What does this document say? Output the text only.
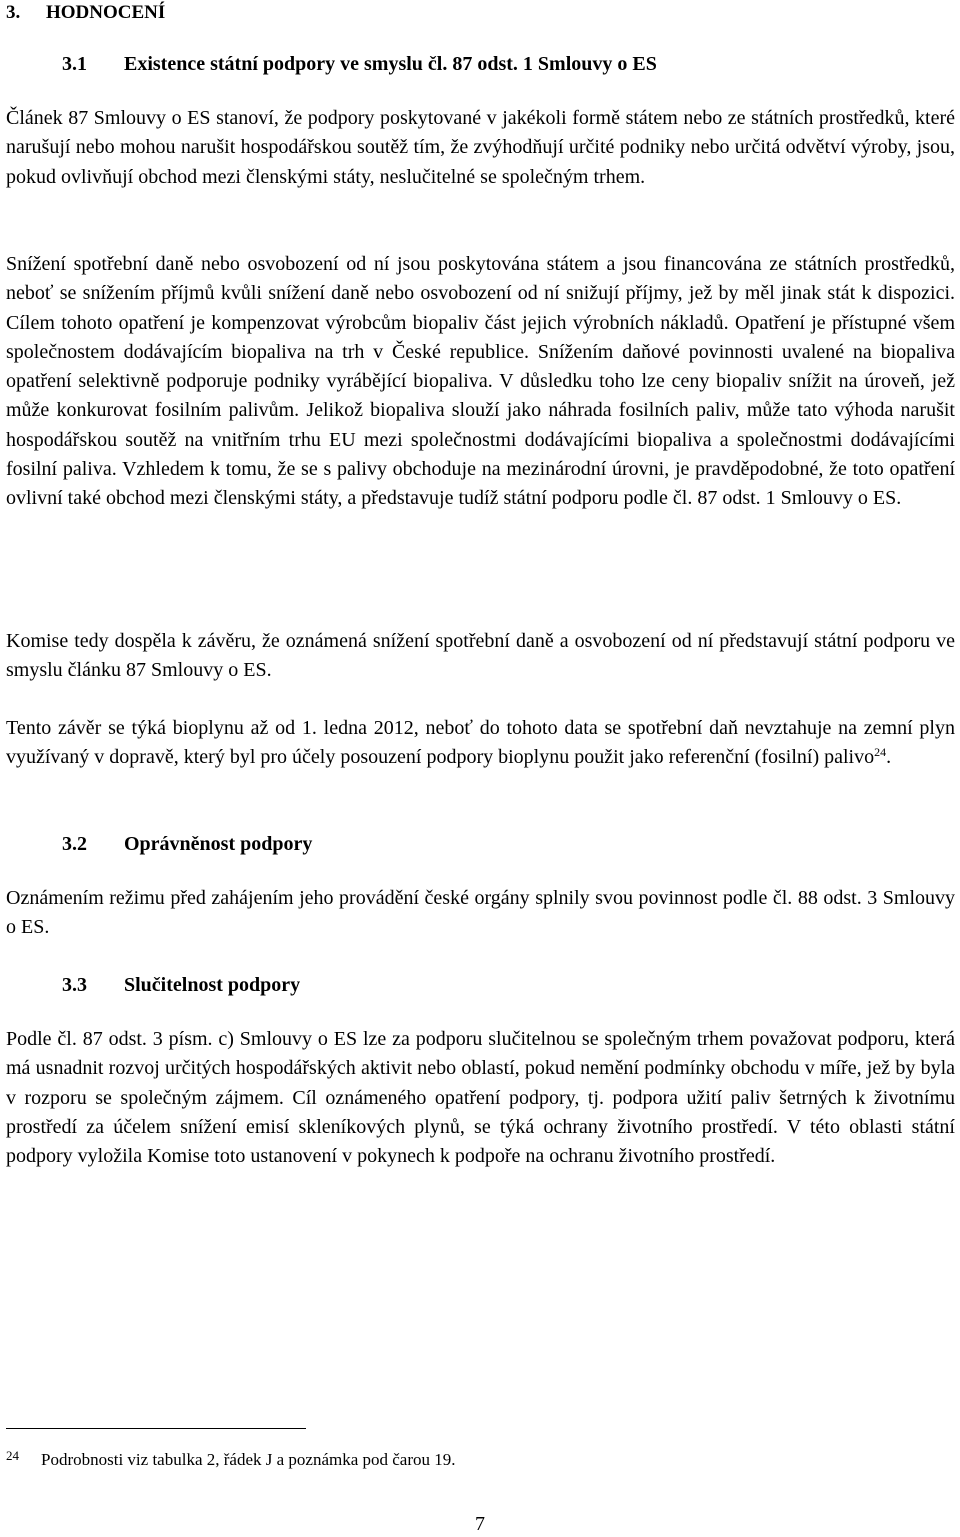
3. HODNOCENÍ
3.1 Existence státní podpory ve smyslu čl. 87 odst. 1 Smlouvy o ES

Článek 87 Smlouvy o ES stanoví, že podpory poskytované v jakékoli formě státem nebo ze státních prostředků, které narušují nebo mohou narušit hospodářskou soutěž tím, že zvýhodňují určité podniky nebo určitá odvětví výroby, jsou, pokud ovlivňují obchod mezi členskými státy, neslučitelné se společným trhem.

Snížení spotřební daně nebo osvobození od ní jsou poskytována státem a jsou financována ze státních prostředků, neboť se snížením příjmů kvůli snížení daně nebo osvobození od ní snižují příjmy, jež by měl jinak stát k dispozici. Cílem tohoto opatření je kompenzovat výrobcům biopaliv část jejich výrobních nákladů. Opatření je přístupné všem společnostem dodávajícím biopaliva na trh v České republice. Snížením daňové povinnosti uvalené na biopaliva opatření selektivně podporuje podniky vyrábějící biopaliva. V důsledku toho lze ceny biopaliv snížit na úroveň, jež může konkurovat fosilním palivům. Jelikož biopaliva slouží jako náhrada fosilních paliv, může tato výhoda narušit hospodářskou soutěž na vnitřním trhu EU mezi společnostmi dodávajícími biopaliva a společnostmi dodávajícími fosilní paliva. Vzhledem k tomu, že se s palivy obchoduje na mezinárodní úrovni, je pravděpodobné, že toto opatření ovlivní také obchod mezi členskými státy, a představuje tudíž státní podporu podle čl. 87 odst. 1 Smlouvy o ES.

Komise tedy dospěla k závěru, že oznámená snížení spotřební daně a osvobození od ní představují státní podporu ve smyslu článku 87 Smlouvy o ES.

Tento závěr se týká bioplynu až od 1. ledna 2012, neboť do tohoto data se spotřební daň nevztahuje na zemní plyn využívaný v dopravě, který byl pro účely posouzení podpory bioplynu použit jako referenční (fosilní) palivo$^{24}$.

3.2 Oprávněnost podpory

Oznámením režimu před zahájením jeho provádění české orgány splnily svou povinnost podle čl. 88 odst. 3 Smlouvy o ES.

3.3 Slučitelnost podpory

Podle čl. 87 odst. 3 písm. c) Smlouvy o ES lze za podporu slučitelnou se společným trhem považovat podporu, která má usnadnit rozvoj určitých hospodářských aktivit nebo oblastí, pokud nemění podmínky obchodu v míře, jež by byla v rozporu se společným zájmem. Cíl oznámeného opatření podpory, tj. podpora užití paliv šetrných k životnímu prostředí za účelem snížení emisí skleníkových plynů, se týká ochrany životního prostředí. V této oblasti státní podpory vyložila Komise toto ustanovení v pokynech k podpoře na ochranu životního prostředí.

24 Podrobnosti viz tabulka 2, řádek J a poznámka pod čarou 19.
7
